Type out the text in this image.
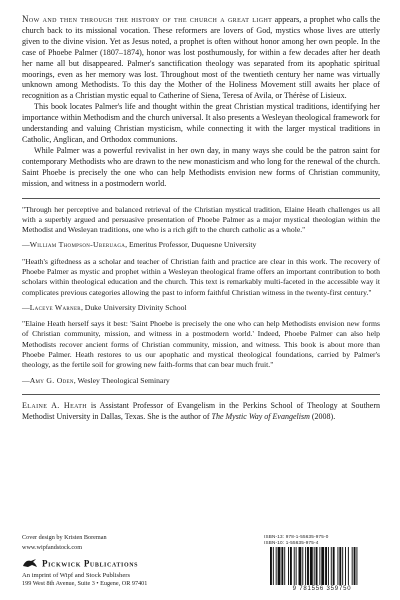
Now and then through the history of the church a great light appears, a prophet who calls the church back to its missional vocation. These reformers are lovers of God, mystics whose lives are utterly given to the divine vision. Yet as Jesus noted, a prophet is often without honor among her own people. In the case of Phoebe Palmer (1807–1874), honor was lost posthumously, for within a few decades after her death her name all but disappeared. Palmer's sanctification theology was separated from its apophatic spiritual moorings, even as her memory was lost. Throughout most of the twentieth century her name was virtually unknown among Methodists. To this day the Mother of the Holiness Movement still awaits her place of recognition as a Christian mystic equal to Catherine of Siena, Teresa of Avila, or Thérèse of Lisieux.

This book locates Palmer's life and thought within the great Christian mystical traditions, identifying her importance within Methodism and the church universal. It also presents a Wesleyan theological framework for understanding and valuing Christian mysticism, while connecting it with the larger mystical traditions in Catholic, Anglican, and Orthodox communions.

While Palmer was a powerful revivalist in her own day, in many ways she could be the patron saint for contemporary Methodists who are drawn to the new monasticism and who long for the renewal of the church. Saint Phoebe is precisely the one who can help Methodists envision new forms of Christian community, mission, and witness in a postmodern world.

"Through her perceptive and balanced retrieval of the Christian mystical tradition, Elaine Heath challenges us all with a superbly argued and persuasive presentation of Phoebe Palmer as a major mystical theologian within the Methodist and Wesleyan traditions, one who is a rich gift to the church catholic as a whole."

—William Thompson-Uberuaga, Emeritus Professor, Duquesne University

"Heath's giftedness as a scholar and teacher of Christian faith and practice are clear in this work. The recovery of Phoebe Palmer as mystic and prophet within a Wesleyan theological frame offers an important contribution to both scholars within theological education and the church. This text is remarkably multi-faceted in the accessible way it complicates previous categories allowing the past to inform faithful Christian witness in the twenty-first century."

—Laceye Warner, Duke University Divinity School

"Elaine Heath herself says it best: 'Saint Phoebe is precisely the one who can help Methodists envision new forms of Christian community, mission, and witness in a postmodern world.' Indeed, Phoebe Palmer can also help Methodists recover ancient forms of Christian community, mission, and witness. This book is about more than Phoebe Palmer. Heath restores to us our apophatic and mystical theological foundations, carried by Palmer's theology, as the fertile soil for growing new faith-forms that can bear much fruit."

—Amy G. Oden, Wesley Theological Seminary

Elaine A. Heath is Assistant Professor of Evangelism in the Perkins School of Theology at Southern Methodist University in Dallas, Texas. She is the author of The Mystic Way of Evangelism (2008).

Cover design by Kristen Boreman
www.wipfandstock.com
Pickwick Publications
An imprint of Wipf and Stock Publishers
199 West 8th Avenue, Suite 3 • Eugene, OR 97401
ISBN-13: 978-1-55635-975-0
ISBN-10: 1-55635-975-4
9 781556 359750
